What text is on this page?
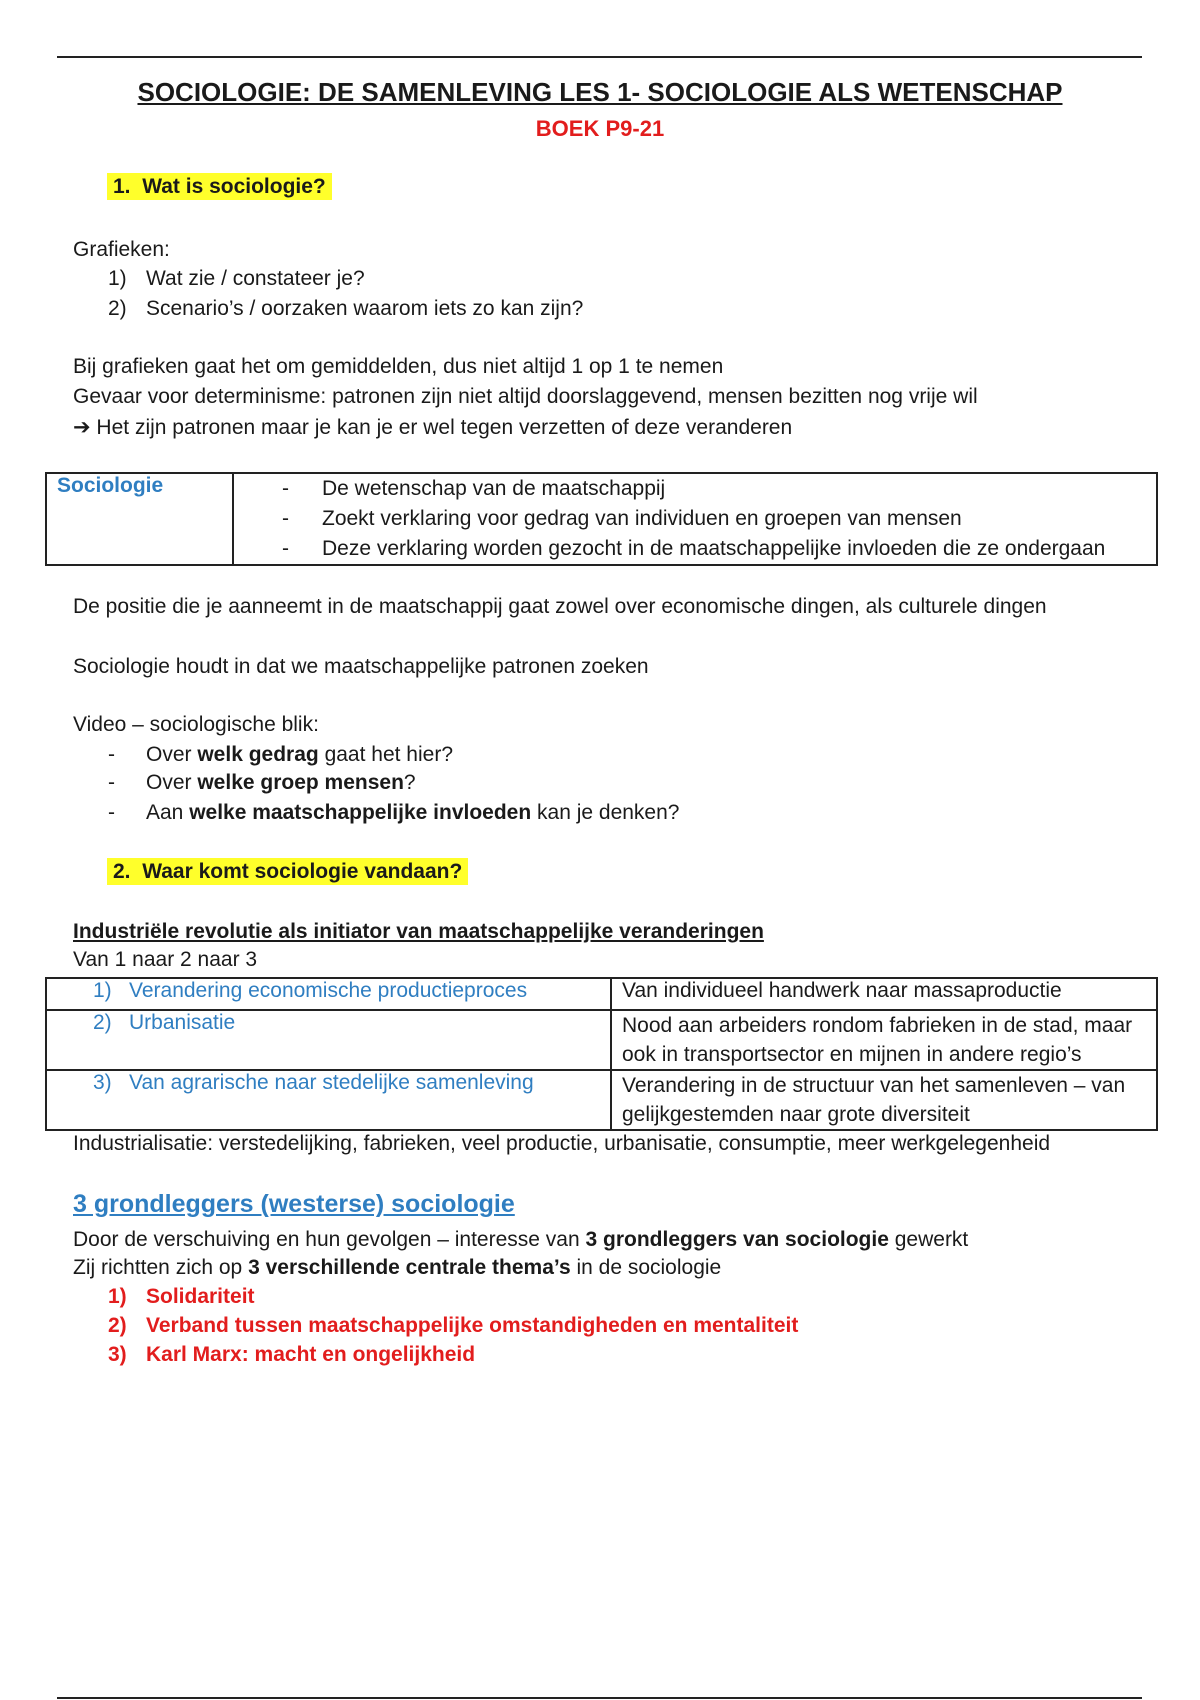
SOCIOLOGIE: DE SAMENLEVING LES 1- SOCIOLOGIE ALS WETENSCHAP
BOEK P9-21
1. Wat is sociologie?
Grafieken:
1) Wat zie / constateer je?
2) Scenario’s / oorzaken waarom iets zo kan zijn?
Bij grafieken gaat het om gemiddelden, dus niet altijd 1 op 1 te nemen
Gevaar voor determinisme: patronen zijn niet altijd doorslaggevend, mensen bezitten nog vrije wil
➔ Het zijn patronen maar je kan je er wel tegen verzetten of deze veranderen
Sociologie	- De wetenschap van de maatschappij
- Zoekt verklaring voor gedrag van individuen en groepen van mensen
- Deze verklaring worden gezocht in de maatschappelijke invloeden die ze ondergaan
De positie die je aanneemt in de maatschappij gaat zowel over economische dingen, als culturele dingen
Sociologie houdt in dat we maatschappelijke patronen zoeken
Video – sociologische blik:
- Over welk gedrag gaat het hier?
- Over welke groep mensen?
- Aan welke maatschappelijke invloeden kan je denken?
2. Waar komt sociologie vandaan?
Industriële revolutie als initiator van maatschappelijke veranderingen
Van 1 naar 2 naar 3
1) Verandering economische productieproces	Van individueel handwerk naar massaproductie
2) Urbanisatie	Nood aan arbeiders rondom fabrieken in de stad, maar ook in transportsector en mijnen in andere regio’s
3) Van agrarische naar stedelijke samenleving	Verandering in de structuur van het samenleven – van gelijkgestemden naar grote diversiteit
Industrialisatie: verstedelijking, fabrieken, veel productie, urbanisatie, consumptie, meer werkgelegenheid
3 grondleggers (westerse) sociologie
Door de verschuiving en hun gevolgen – interesse van 3 grondleggers van sociologie gewerkt
Zij richtten zich op 3 verschillende centrale thema’s in de sociologie
1) Solidariteit
2) Verband tussen maatschappelijke omstandigheden en mentaliteit
3) Karl Marx: macht en ongelijkheid
